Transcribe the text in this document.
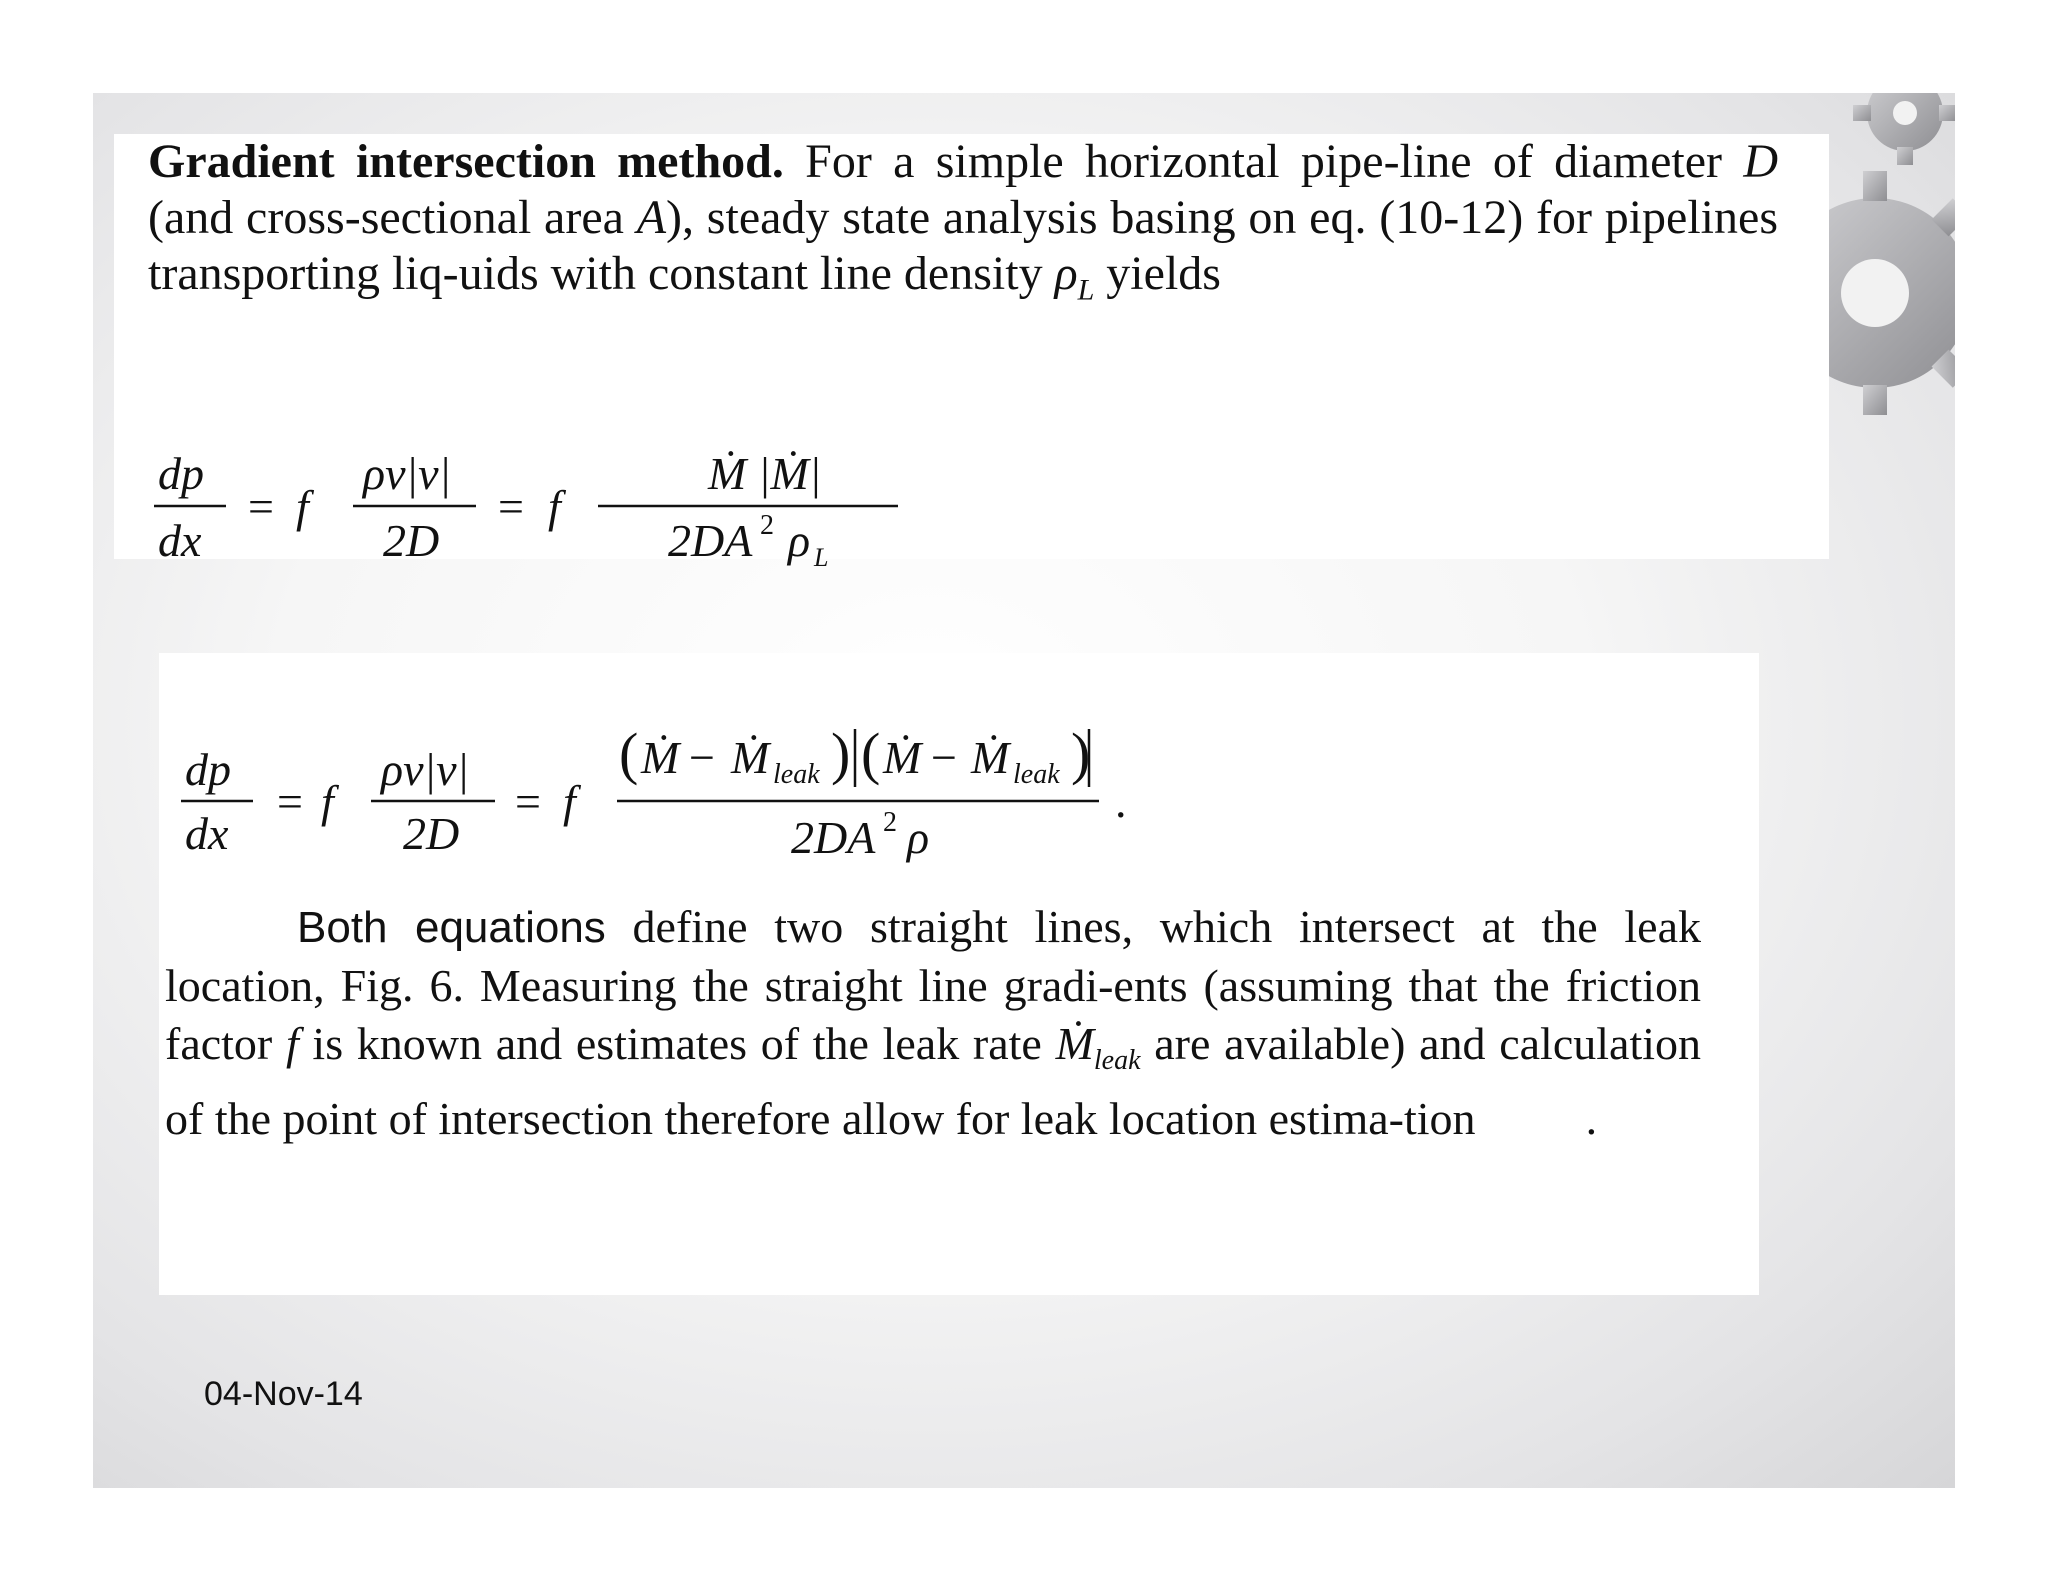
Gradient intersection method. For a simple horizontal pipe-line of diameter D (and cross-sectional area A), steady state analysis basing on eq. (10-12) for pipelines transporting liq-uids with constant line density $\rho_L$ yields
dp
dx
= f
ρv|v|
2D
= f
Ṁ |Ṁ|
2DA 2 ρ L
dp
dx
= f
ρv|v|
2D
= f
( Ṁ − Ṁ leak ) ( Ṁ − Ṁ leak )
2DA 2 ρ
.
Both equations define two straight lines, which intersect at the leak location, Fig. 6. Measuring the straight line gradi-ents (assuming that the friction factor f is known and estimates of the leak rate Ṁ$_{leak}$ are available) and calculation of the point of intersection therefore allow for leak location estima-tion .
04-Nov-14
